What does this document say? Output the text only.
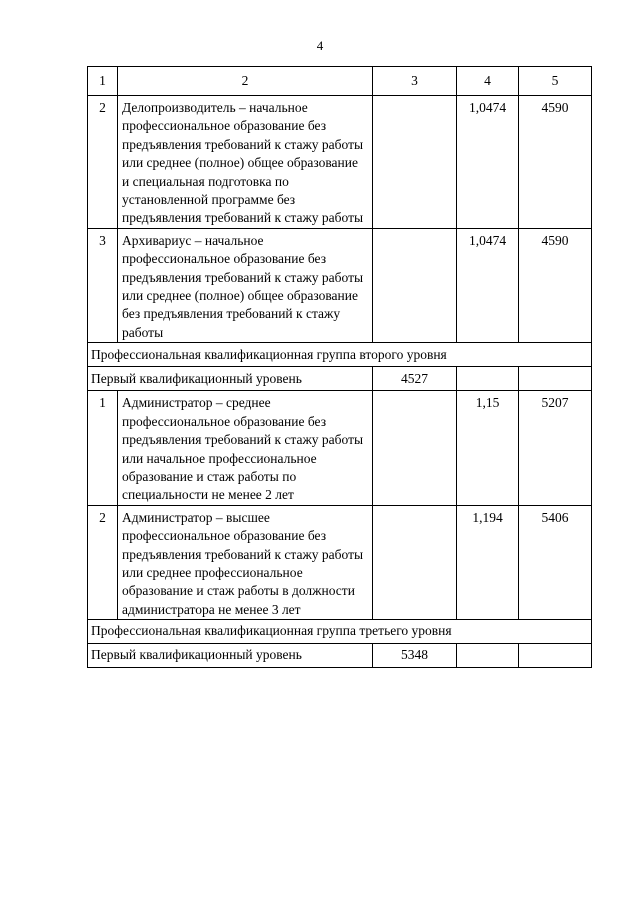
4
1	2	3	4	5
2	Делопроизводитель – начальное профессиональное образование без предъявления требований к стажу работы или среднее (полное) общее образование и специальная подготовка по установленной программе без предъявления требований к стажу работы		1,0474	4590
3	Архивариус – начальное профессиональное образование без предъявления требований к стажу работы или среднее (полное) общее образование без предъявления требований к стажу работы		1,0474	4590
Профессиональная квалификационная группа второго уровня				
Первый квалификационный уровень		4527		
1	Администратор – среднее профессиональное образование без предъявления требований к стажу работы или начальное профессиональное образование и стаж работы по специальности не менее 2 лет		1,15	5207
2	Администратор – высшее профессиональное образование без предъявления требований к стажу работы или среднее профессиональное образование и стаж работы в должности администратора не менее 3 лет		1,194	5406
Профессиональная квалификационная группа третьего уровня				
Первый квалификационный уровень		5348		
